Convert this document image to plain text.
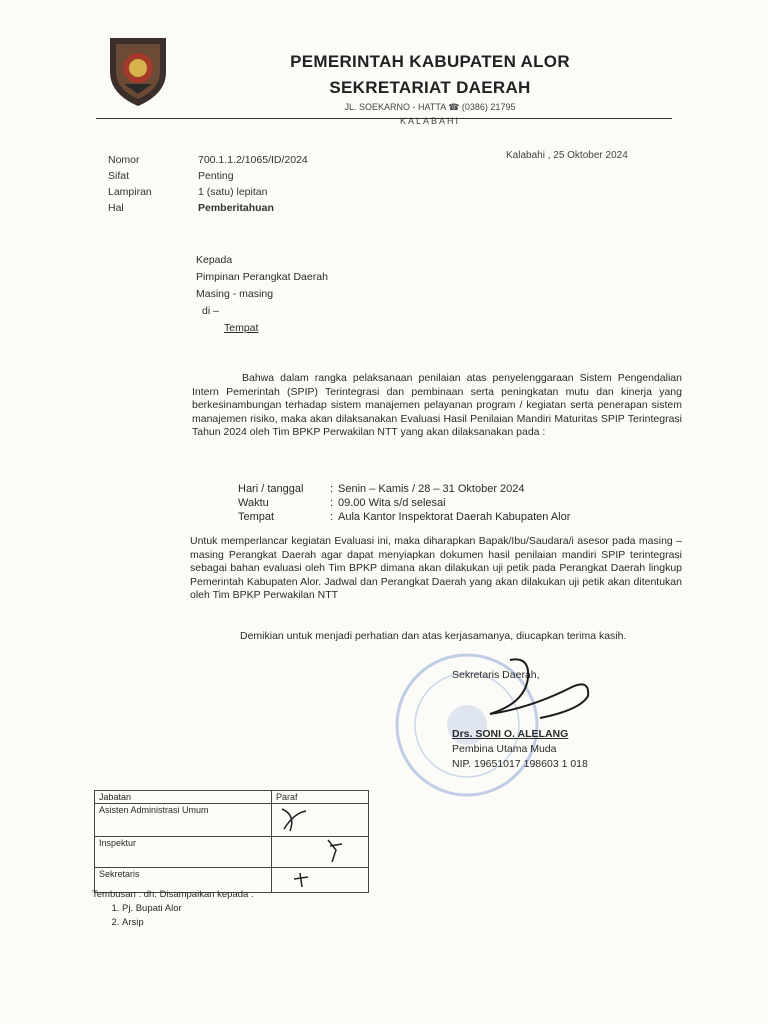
PEMERINTAH KABUPATEN ALOR
SEKRETARIAT DAERAH
JL. SOEKARNO - HATTA ☎ (0386) 21795
KALABAHI
Kalabahi , 25 Oktober 2024
Nomor	700.1.1.2/1065/ID/2024
Sifat	Penting
Lampiran	1 (satu) lepitan
Hal	Pemberitahuan
Kepada
Pimpinan Perangkat Daerah
Masing - masing
di –
Tempat
Bahwa dalam rangka pelaksanaan penilaian atas penyelenggaraan Sistem Pengendalian Intern Pemerintah (SPIP) Terintegrasi dan pembinaan serta peningkatan mutu dan kinerja yang berkesinambungan terhadap sistem manajemen pelayanan program / kegiatan serta penerapan sistem manajemen risiko, maka akan dilaksanakan Evaluasi Hasil Penilaian Mandiri Maturitas SPIP Terintegrasi Tahun 2024 oleh Tim BPKP Perwakilan NTT yang akan dilaksanakan pada :
Hari / tanggal	: Senin – Kamis / 28 – 31 Oktober 2024
Waktu	: 09.00 Wita s/d selesai
Tempat	: Aula Kantor Inspektorat Daerah Kabupaten Alor
Untuk memperlancar kegiatan Evaluasi ini, maka diharapkan Bapak/Ibu/Saudara/i asesor pada masing –masing Perangkat Daerah agar dapat menyiapkan dokumen hasil penilaian mandiri SPIP terintegrasi sebagai bahan evaluasi oleh Tim BPKP dimana akan dilakukan uji petik pada Perangkat Daerah lingkup Pemerintah Kabupaten Alor. Jadwal dan Perangkat Daerah yang akan dilakukan uji petik akan ditentukan oleh Tim BPKP Perwakilan NTT
Demikian untuk menjadi perhatian dan atas kerjasamanya, diucapkan terima kasih.
Sekretaris Daerah,
Drs. SONI O. ALELANG
Pembina Utama Muda
NIP. 19651017 198603 1 018
Jabatan	Paraf
Asisten Administrasi Umum	
Inspektur	
Sekretaris	
Tembusan : dh. Disampaikan kepada :
1. Pj. Bupati Alor
2. Arsip
